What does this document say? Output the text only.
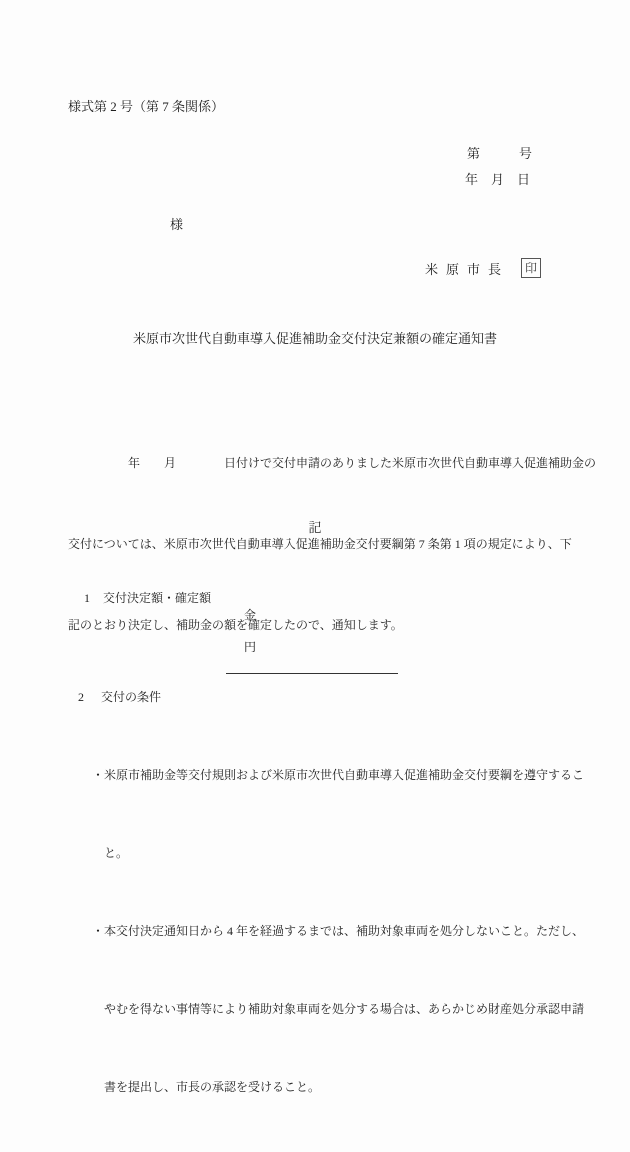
様式第 2 号（第 7 条関係）
第　　　号
年　月　日
様
米原市長	印
米原市次世代自動車導入促進補助金交付決定兼額の確定通知書

　　　　　年　　月　　　　日付けで交付申請のありました米原市次世代自動車導入促進補助金の

交付については、米原市次世代自動車導入促進補助金交付要綱第 7 条第 1 項の規定により、下

記のとおり決定し、補助金の額を確定したので、通知します。

記
1 交付決定額・確定額

金

円

2 交付の条件

・米原市補助金等交付規則および米原市次世代自動車導入促進補助金交付要綱を遵守するこ

と。

・本交付決定通知日から 4 年を経過するまでは、補助対象車両を処分しないこと。ただし、

やむを得ない事情等により補助対象車両を処分する場合は、あらかじめ財産処分承認申請

書を提出し、市長の承認を受けること。
